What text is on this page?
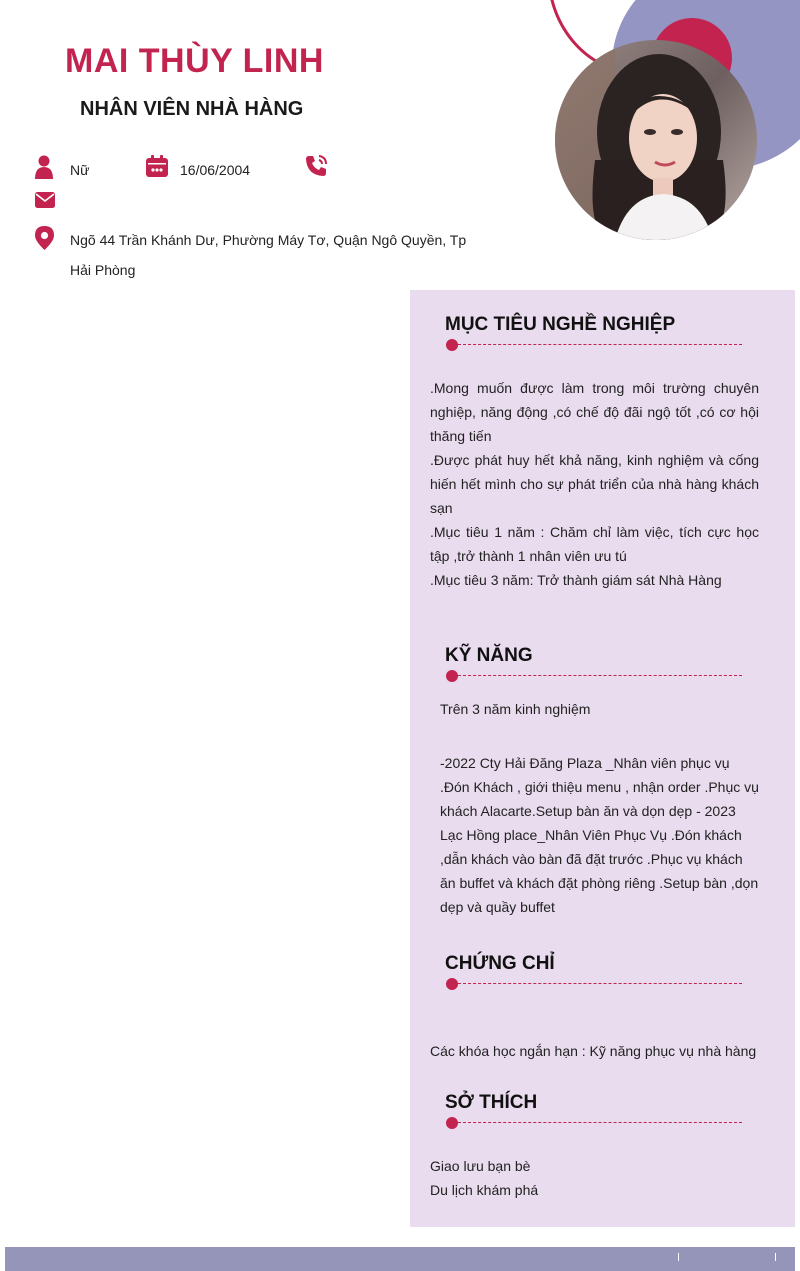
MAI THÙY LINH
NHÂN VIÊN NHÀ HÀNG
Nữ	16/06/2004
Ngõ 44 Trần Khánh Dư, Phường Máy Tơ, Quận Ngô Quyền, Tp Hải Phòng
MỤC TIÊU NGHỀ NGHIỆP
.Mong muốn được làm trong môi trường chuyên nghiệp, năng động ,có chế độ đãi ngộ tốt ,có cơ hội thăng tiến
.Được phát huy hết khả năng, kinh nghiệm và cống hiến hết mình cho sự phát triển của nhà hàng khách sạn
.Mục tiêu 1 năm : Chăm chỉ làm việc, tích cực học tập ,trở thành 1 nhân viên ưu tú
.Mục tiêu 3 năm: Trở thành giám sát Nhà Hàng
KỸ NĂNG
Trên 3 năm kinh nghiệm
-2022 Cty Hải Đăng Plaza _Nhân viên phục vụ .Đón Khách , giới thiệu menu , nhận order .Phục vụ khách Alacarte.Setup bàn ăn và dọn dẹp - 2023 Lạc Hồng place_Nhân Viên Phục Vụ .Đón khách ,dẫn khách vào bàn đã đặt trước .Phục vụ khách ăn buffet và khách đặt phòng riêng .Setup bàn ,dọn dẹp và quầy buffet
CHỨNG CHỈ
Các khóa học ngắn hạn : Kỹ năng phục vụ nhà hàng
SỞ THÍCH
Giao lưu bạn bè
Du lịch khám phá
